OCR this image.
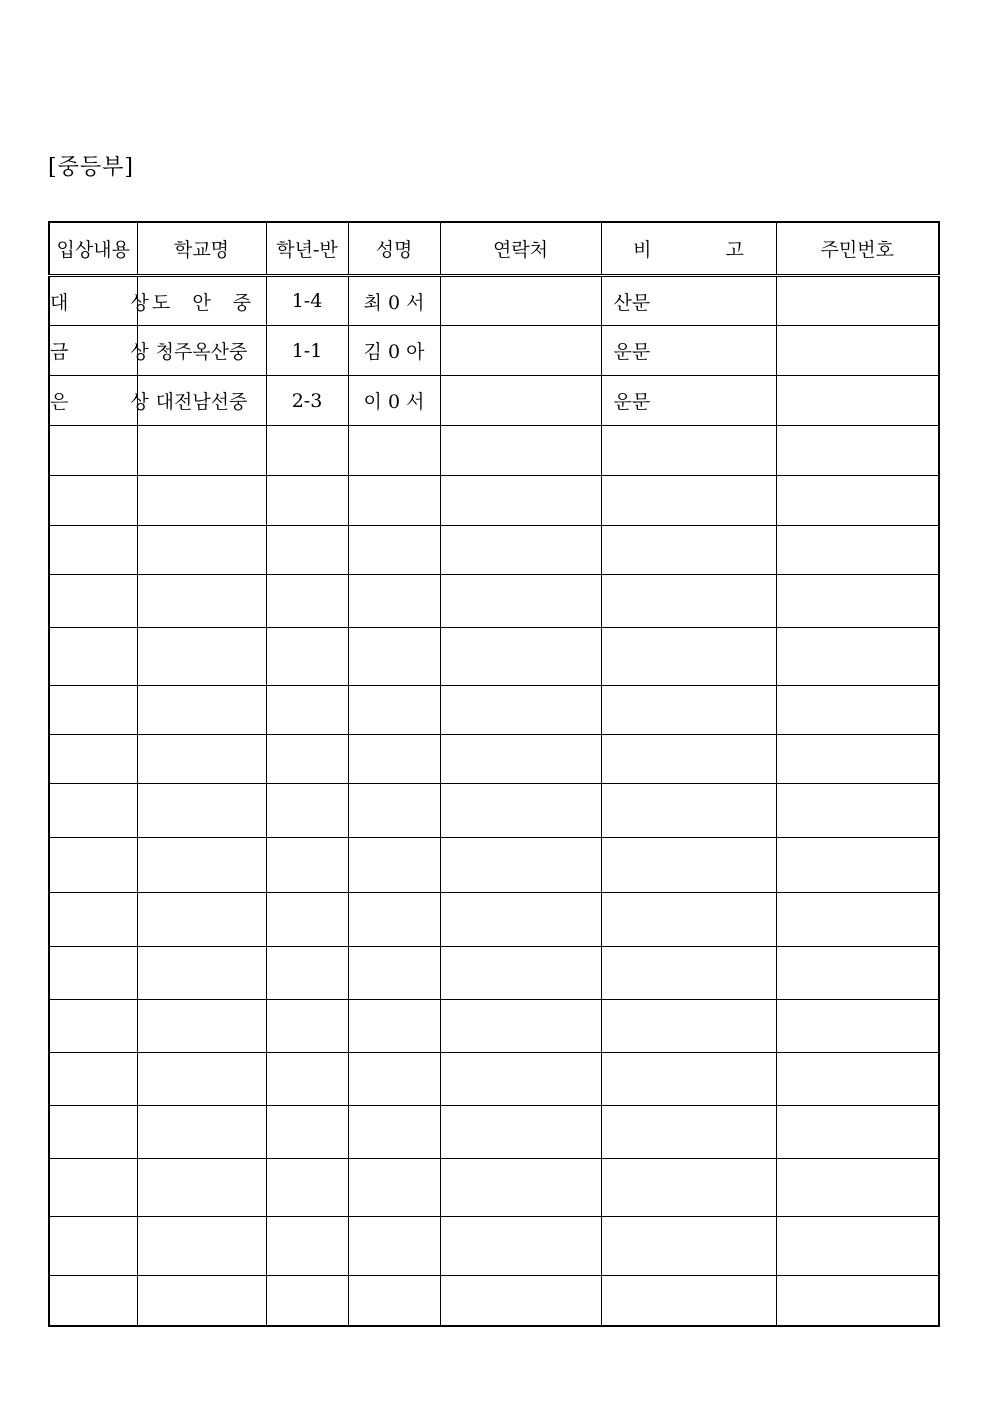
[중등부]
입상내용	학교명	학년-반	성명	연락처	비 고	주민번호
대 상	도 안 중	1-4	최 0 서		산문	
금 상	청주옥산중	1-1	김 0 아		운문	
은 상	대전남선중	2-3	이 0 서		운문	
